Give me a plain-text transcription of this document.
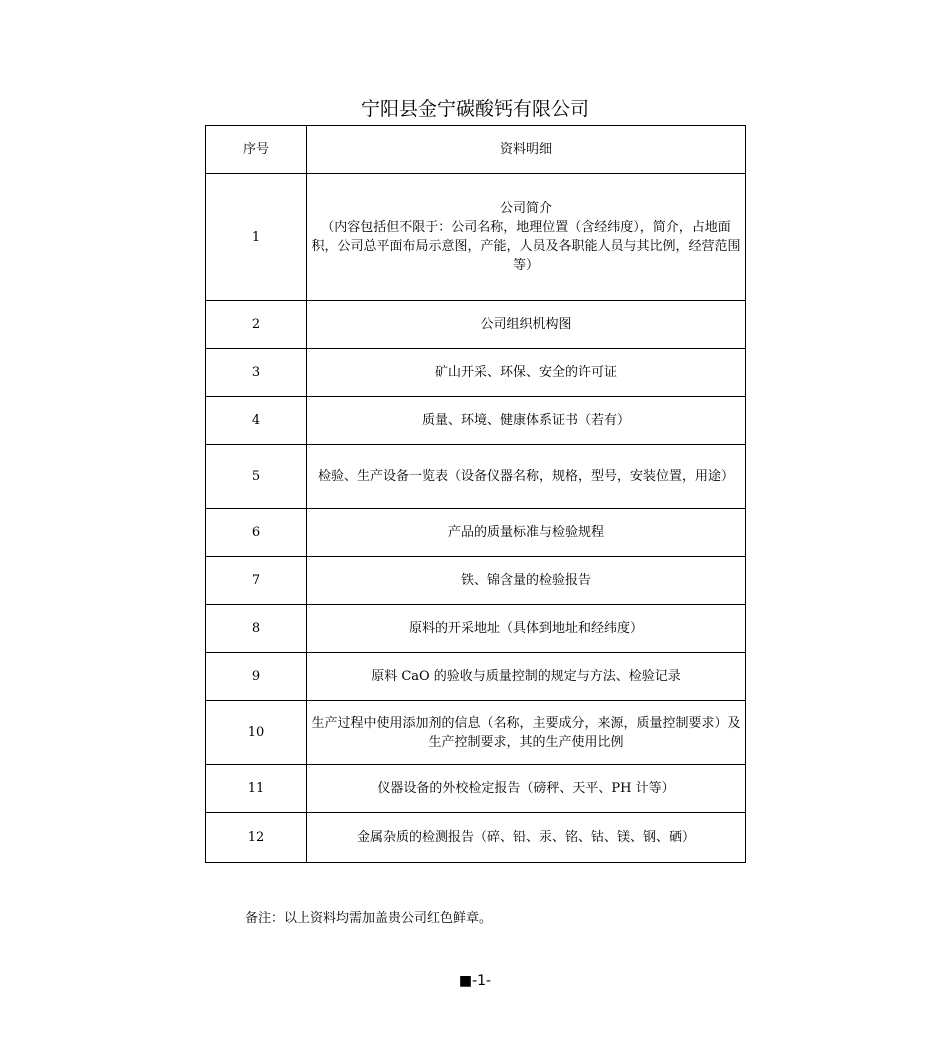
宁阳县金宁碳酸钙有限公司
序号	资料明细
1	公司简介
（内容包括但不限于：公司名称，地理位置（含经纬度），简介，占地面积，公司总平面布局示意图，产能，人员及各职能人员与其比例，经营范围等）

2	公司组织机构图
3	矿山开采、环保、安全的许可证
4	质量、环境、健康体系证书（若有）
5	检验、生产设备一览表（设备仪器名称，规格，型号，安装位置，用途）
6	产品的质量标准与检验规程
7	铁、锦含量的检验报告
8	原料的开采地址（具体到地址和经纬度）
9	原料 CaO 的验收与质量控制的规定与方法、检验记录
10	生产过程中使用添加剂的信息（名称，主要成分，来源，质量控制要求）及生产控制要求，其的生产使用比例
11	仪器设备的外校检定报告（磅秤、天平、PH 计等）
12	金属杂质的检测报告（碎、铅、汞、铭、钴、镁、钢、硒）
备注：以上资料均需加盖贵公司红色鲜章。
■-1-
